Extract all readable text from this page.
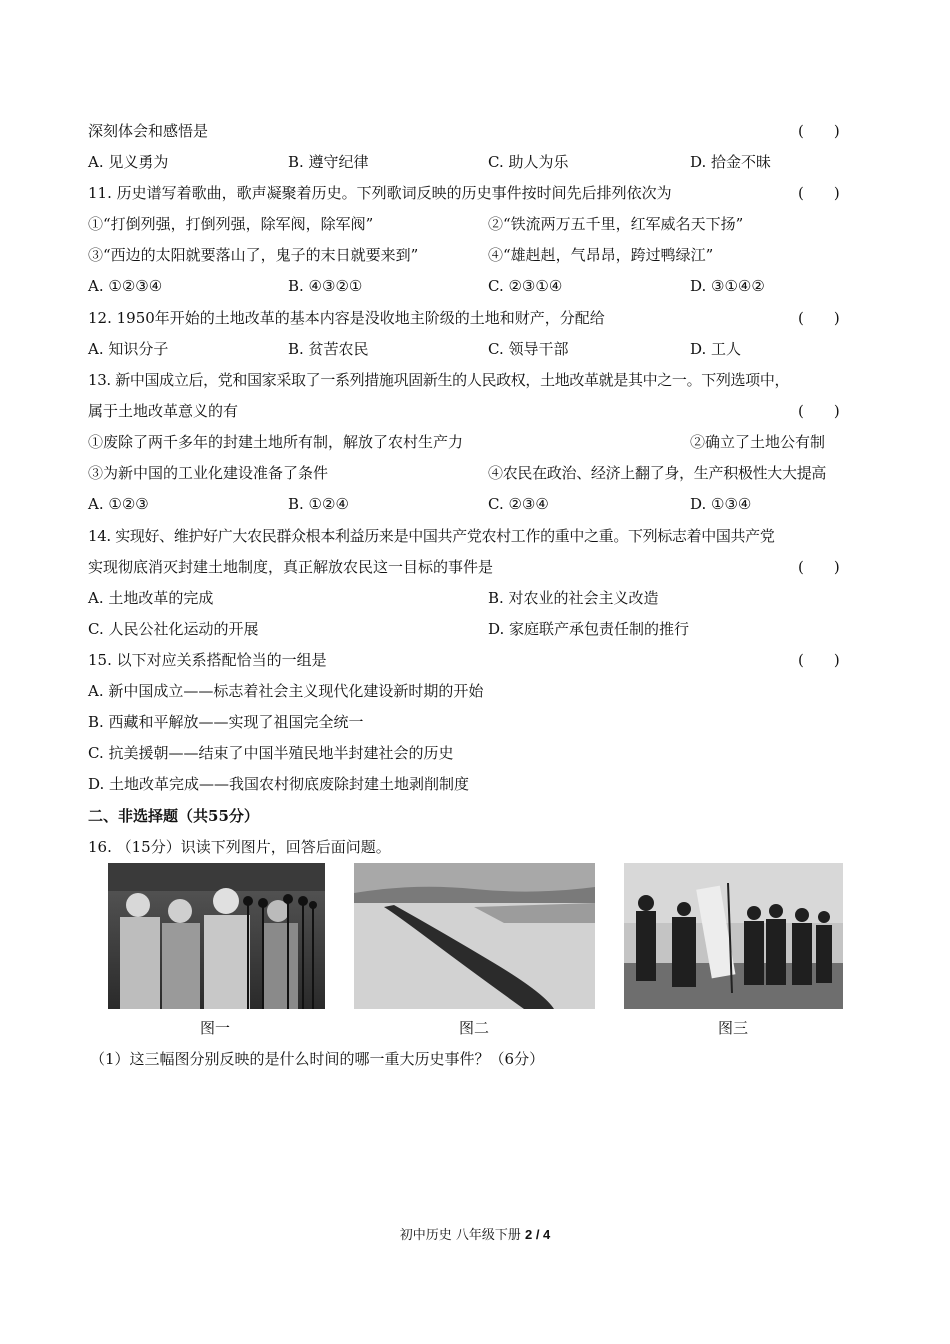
深刻体会和感悟是	(　　)
A. 见义勇为	B. 遵守纪律	C. 助人为乐	D. 拾金不昧
11. 历史谱写着歌曲，歌声凝聚着历史。下列歌词反映的历史事件按时间先后排列依次为	(　　)
①“打倒列强，打倒列强，除军阀，除军阀”	②“铁流两万五千里，红军威名天下扬”
③“西边的太阳就要落山了，鬼子的末日就要来到”	④“雄赳赳，气昂昂，跨过鸭绿江”
A. ①②③④	B. ④③②①	C. ②③①④	D. ③①④②
12. 1950年开始的土地改革的基本内容是没收地主阶级的土地和财产，分配给	(　　)
A. 知识分子	B. 贫苦农民	C. 领导干部	D. 工人
13. 新中国成立后，党和国家采取了一系列措施巩固新生的人民政权，土地改革就是其中之一。下列选项中，
属于土地改革意义的有	(　　)
①废除了两千多年的封建土地所有制，解放了农村生产力	②确立了土地公有制
③为新中国的工业化建设准备了条件	④农民在政治、经济上翻了身，生产积极性大大提高
A. ①②③	B. ①②④	C. ②③④	D. ①③④
14. 实现好、维护好广大农民群众根本利益历来是中国共产党农村工作的重中之重。下列标志着中国共产党
实现彻底消灭封建土地制度，真正解放农民这一目标的事件是	(　　)
A. 土地改革的完成	B. 对农业的社会主义改造
C. 人民公社化运动的开展	D. 家庭联产承包责任制的推行
15. 以下对应关系搭配恰当的一组是	(　　)
A. 新中国成立——标志着社会主义现代化建设新时期的开始
B. 西藏和平解放——实现了祖国完全统一
C. 抗美援朝——结束了中国半殖民地半封建社会的历史
D. 土地改革完成——我国农村彻底废除封建土地剥削制度
二、非选择题（共55分）
16. （15分）识读下列图片，回答后面问题。
图一	图二	图三
（1）这三幅图分别反映的是什么时间的哪一重大历史事件？（6分）
初中历史 八年级下册 2 / 4
